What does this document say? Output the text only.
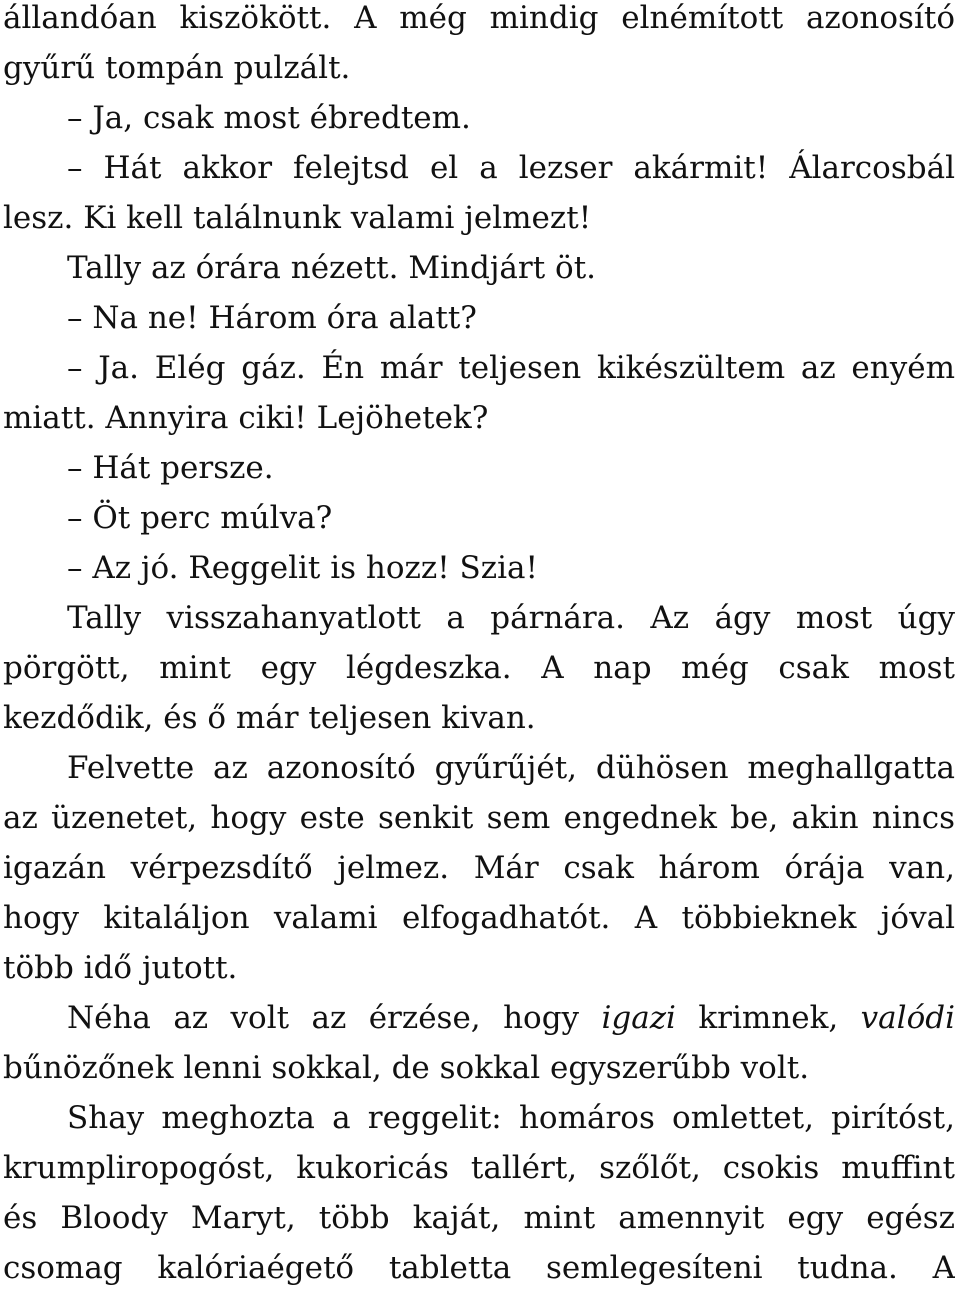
állandóan kiszökött. A még mindig elnémított azonosító
gyűrű tompán pulzált.
– Ja, csak most ébredtem.
– Hát akkor felejtsd el a lezser akármit! Álarcosbál
lesz. Ki kell találnunk valami jelmezt!
Tally az órára nézett. Mindjárt öt.
– Na ne! Három óra alatt?
– Ja. Elég gáz. Én már teljesen kikészültem az enyém
miatt. Annyira ciki! Lejöhetek?
– Hát persze.
– Öt perc múlva?
– Az jó. Reggelit is hozz! Szia!
Tally visszahanyatlott a párnára. Az ágy most úgy
pörgött, mint egy légdeszka. A nap még csak most
kezdődik, és ő már teljesen kivan.
Felvette az azonosító gyűrűjét, dühösen meghallgatta
az üzenetet, hogy este senkit sem engednek be, akin nincs
igazán vérpezsdítő jelmez. Már csak három órája van,
hogy kitaláljon valami elfogadhatót. A többieknek jóval
több idő jutott.
Néha az volt az érzése, hogy igazi krimnek, valódi
bűnözőnek lenni sokkal, de sokkal egyszerűbb volt.
Shay meghozta a reggelit: homáros omlettet, pirítóst,
krumpliropogóst, kukoricás tallért, szőlőt, csokis muffint
és Bloody Maryt, több kaját, mint amennyit egy egész
csomag kalóriaégető tabletta semlegesíteni tudna. A
